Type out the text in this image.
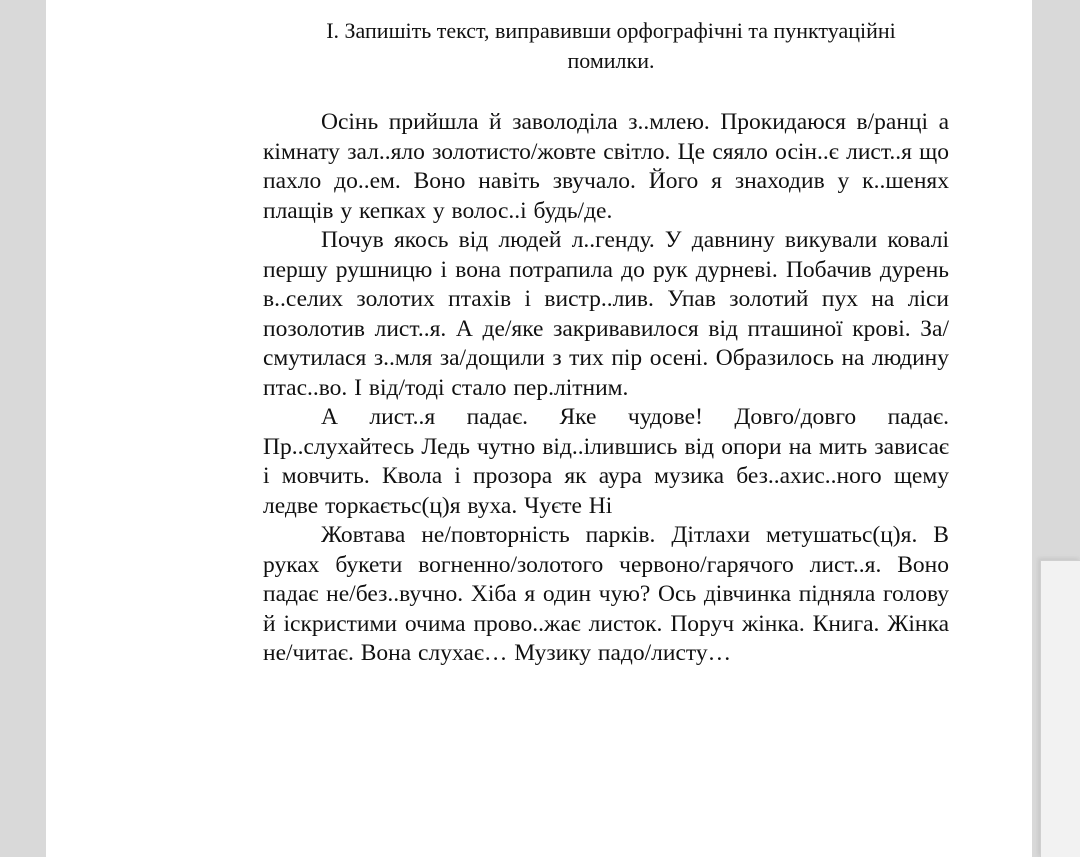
І. Запишіть текст, виправивши орфографічні та пунктуаційні
помилки.

Осінь прийшла й заволоділа з..млею. Прокидаюся в/ранці а кімнату зал..яло золотисто/жовте світло. Це сяяло осін..є лист..я що пахло до..ем. Воно навіть звучало. Його я знаходив у к..шенях плащів у кепках у волос..і будь/де.

Почув якось від людей л..генду. У давнину викували ковалі першу рушницю і вона потрапила до рук дурневі. Побачив дурень в..селих золотих птахів і вистр..лив. Упав золотий пух на ліси позолотив лист..я. А де/яке закривавилося від пташиної крові. За/смутилася з..мля за/дощили з тих пір осені. Образилось на людину птас..во. І від/тоді стало пер.літним.

А лист..я падає. Яке чудове! Довго/довго падає. Пр..слухайтесь Ледь чутно від..ілившись від опори на мить зависає і мовчить. Квола і прозора як аура музика без..ахис..ного щему ледве торкаєтьс(ц)я вуха. Чуєте Ні

Жовтава не/повторність парків. Дітлахи метушатьс(ц)я. В руках букети вогненно/золотого червоно/гарячого лист..я. Воно падає не/без..вучно. Хіба я один чую? Ось дівчинка підняла голову й іскристими очима прово..жає листок. Поруч жінка. Книга. Жінка не/читає. Вона слухає… Музику падо/листу…
